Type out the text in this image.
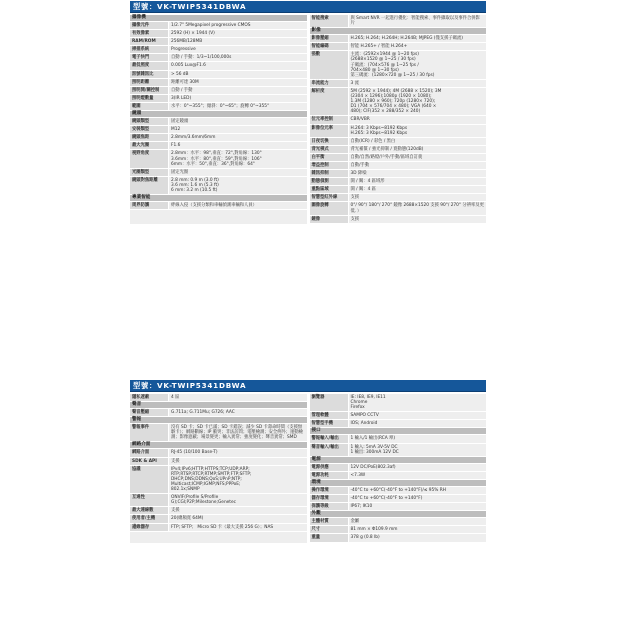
型號：VK-TWIP5341DBWA
攝像機
攝像元件	1/2.7" 5Megapixel progressive CMOS
有效像素	2592 (H) × 1944 (V)
RAM/ROM	256MB/128MB
掃描系統	Progressive
電子快門	自動 / 手動：1/3~1/100,000s
最低照度	0.005 Lux@F1.6
訊號雜訊比	> 56 dB
照明距離	距離可達 30M
照明開/關控制	自動 / 手動
照明燈數量	3(IR LED)
範圍	水平：0°~355°；傾斜：0°~65°；旋轉 0°~355°
鏡頭
鏡頭類型	固定鏡頭
安裝類型	M12
鏡頭焦距	2.8mm/3.6mm/6mm
最大光圈	F1.6
視野角度	2.8mm：水平：98°,垂直：72°,對角線：130°
3.6mm：水平：80°,垂直：59°,對角線：106°
6mm：水平：50°,垂直：36°,對角線：64°
光圈類型	固定光圈
鏡頭對焦距離	2.8 mm: 0.9 m (3.0 ft)
3.6 mm: 1.6 m (5.3 ft)
6 mm: 3.2 m (10.5 ft)
專業智能
周界防護	絆線入侵（支援分類和車輛偵測車輛和人員）
智能搜索	與 Smart NVR 一起進行優化：智能搜索、事件擷取以及事件合併影片
影像
影像壓縮	H.265; H.264; H.264H; H.264B; MJPEG (僅支援子碼流)
智能編碼	智能 H.265+ / 智能 H.264+
張數	主流：(2592×1944 @ 1~20 fps)
(2688×1520 @ 1~25 / 30 fps)
子碼流：(704×576 @ 1~25 fps /
704×480 @ 1~30 fps)
第三碼流：(1280×720 @ 1~25 / 30 fps)
串流能力	3 流
解析度	5M (2592 × 1944); 4M (2688 × 1520); 3M
(2304 × 1296);1080p (1920 × 1080);
1.3M (1280 × 960); 720p (1280× 720);
D1 (704 × 576/704 × 480); VGA (640 ×
480); CIF(352 × 288/352 × 240)
位元率控制	CBR/VBR
影像位元率	H.264: 3 Kbps~8192 Kbps
H.265: 3 Kbps~8192 Kbps
日夜切換	自動(ICR) / 彩色 / 黑白
背光模式	背光補償 / 強光抑制 / 寬動態(120dB)
白平衡	自動/自然/路燈/戶外/手動/區域自訂義
增益控制	自動/手動
雜訊抑制	3D 降噪
動態偵測	開 / 關：4 區域形
重點區域	開 / 關：4 區
智慧型紅外線	支援
圖像旋轉	0°/ 90°/ 180°/ 270° 鏡像 2688×1520 支援 90°/ 270° 分辨率及更低．）
鏡像	支援
型號：VK-TWIP5341DBWA
隱私遮蔽	4 區
聲音
聲音壓縮	G.711a; G.711Mu; G726; AAC
警報
警報事件	沒有 SD 卡；SD 卡已滿；SD 卡錯誤；減少 SD 卡壽命時間（支援無駭卡）；網路斷線；IP 衝突；非法訪問；電壓檢測；安全例外；運動檢測；影像遮蔽；場景變更；輸入異常；強度變化；聲音異常；SMD
網路介面
網路介面	RJ-45 (10/100 Base-T)
SDK & API	支援
協議	IPv4;IPv6;HTTP;HTTPS;TCP;UDP;ARP;
RTP;RTSP;RTCP;RTMP;SMTP;FTP;SFTP;
DHCP;DNS;DDNS;QoS;UPnP;NTP;
Multicast;ICMP;IGMP;NFS;PPPoE;
802.1x;SNMP
互通性	ONVIF(Profile S/Profile
G);CGI;P2P;Milestone;Genetec
最大連線數	支援
使用者/主機	20(總頻寬 64M)
邊緣儲存	FTP; SFTP； Micro SD 卡（最大支援 256 G）；NAS
瀏覽器	IE: IE8, IE9, IE11
Chrome
Firefox
管理軟體	SAMPO CCTV
智慧型手機	IOS; Android
接口
警報輸入/輸出	1 輸入/1 輸出(RCA 埠)
聲音輸入/輸出	1 輸入: 5mA 3V-5V DC
1 輸出: 300mA 12V DC
電源
電源供應	12V DC/PoE(802.3af)
電源功耗	<7.3W
環境
操作環境	-40°C to +60°C(-40°F to +140°F)/≤ 95% RH
儲存環境	-40°C to +60°C(-40°F to +140°F)
保護等級	IP67; IK10
外觀
主體材質	金屬
尺寸	81 mm × Φ109.9 mm
重量	378 g (0.8 lb)
